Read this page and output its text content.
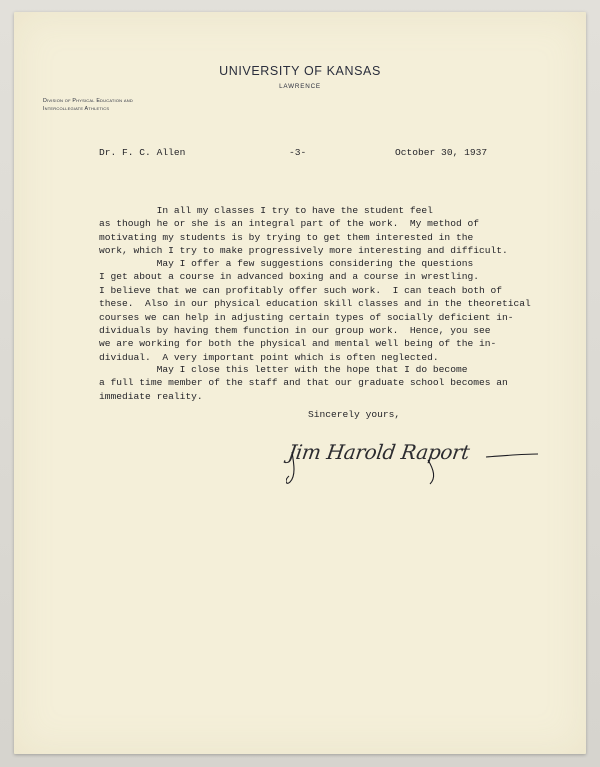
UNIVERSITY OF KANSAS
LAWRENCE
Division of Physical Education and
Intercollegiate Athletics
Dr. F. C. Allen	-3-	October 30, 1937
In all my classes I try to have the student feel
as though he or she is an integral part of the work.  My method of
motivating my students is by trying to get them interested in the
work, which I try to make progressively more interesting and difficult.
May I offer a few suggestions considering the questions
I get about a course in advanced boxing and a course in wrestling.
I believe that we can profitably offer such work.  I can teach both of
these.  Also in our physical education skill classes and in the theoretical
courses we can help in adjusting certain types of socially deficient in-
dividuals by having them function in our group work.  Hence, you see
we are working for both the physical and mental well being of the in-
dividual.  A very important point which is often neglected.
May I close this letter with the hope that I do become
a full time member of the staff and that our graduate school becomes an
immediate reality.
Sincerely yours,
Jim Harold Raport
